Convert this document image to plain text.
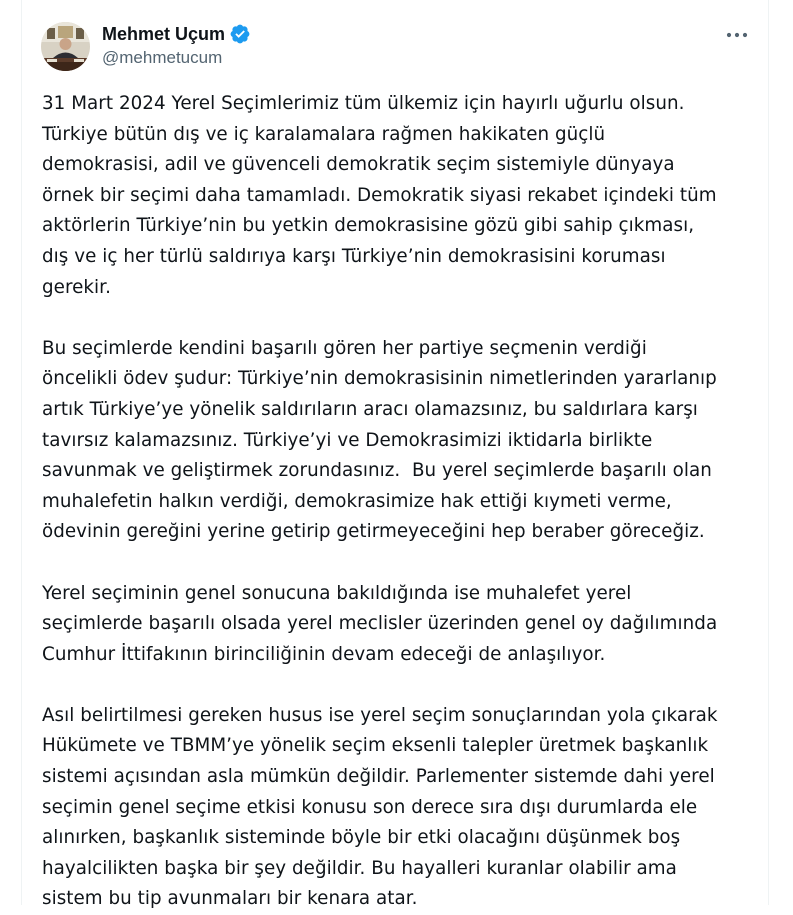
Mehmet Uçum
@mehmetucum
31 Mart 2024 Yerel Seçimlerimiz tüm ülkemiz için hayırlı uğurlu olsun.
Türkiye bütün dış ve iç karalamalara rağmen hakikaten güçlü
demokrasisi, adil ve güvenceli demokratik seçim sistemiyle dünyaya
örnek bir seçimi daha tamamladı. Demokratik siyasi rekabet içindeki tüm
aktörlerin Türkiye’nin bu yetkin demokrasisine gözü gibi sahip çıkması,
dış ve iç her türlü saldırıya karşı Türkiye’nin demokrasisini koruması
gerekir.
Bu seçimlerde kendini başarılı gören her partiye seçmenin verdiği
öncelikli ödev şudur: Türkiye’nin demokrasisinin nimetlerinden yararlanıp
artık Türkiye’ye yönelik saldırıların aracı olamazsınız, bu saldırlara karşı
tavırsız kalamazsınız. Türkiye’yi ve Demokrasimizi iktidarla birlikte
savunmak ve geliştirmek zorundasınız.  Bu yerel seçimlerde başarılı olan
muhalefetin halkın verdiği, demokrasimize hak ettiği kıymeti verme,
ödevinin gereğini yerine getirip getirmeyeceğini hep beraber göreceğiz.
Yerel seçiminin genel sonucuna bakıldığında ise muhalefet yerel
seçimlerde başarılı olsada yerel meclisler üzerinden genel oy dağılımında
Cumhur İttifakının birinciliğinin devam edeceği de anlaşılıyor.
Asıl belirtilmesi gereken husus ise yerel seçim sonuçlarından yola çıkarak
Hükümete ve TBMM’ye yönelik seçim eksenli talepler üretmek başkanlık
sistemi açısından asla mümkün değildir. Parlementer sistemde dahi yerel
seçimin genel seçime etkisi konusu son derece sıra dışı durumlarda ele
alınırken, başkanlık sisteminde böyle bir etki olacağını düşünmek boş
hayalcilikten başka bir şey değildir. Bu hayalleri kuranlar olabilir ama
sistem bu tip avunmaları bir kenara atar.
